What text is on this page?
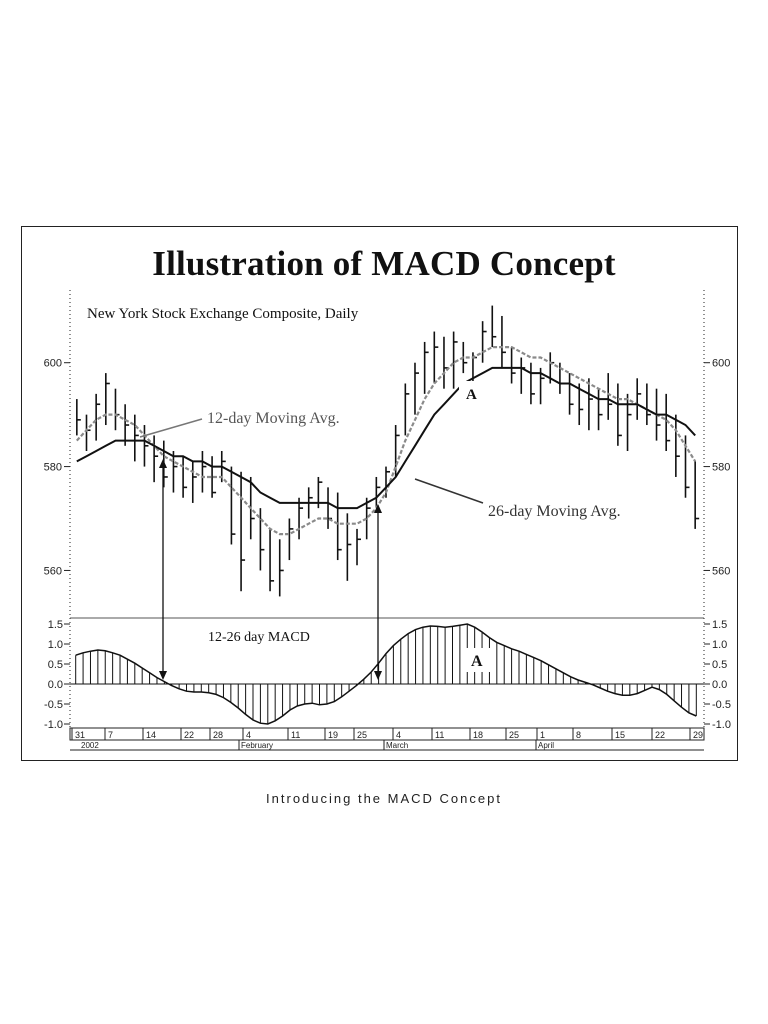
Illustration of MACD Concept
New York Stock Exchange Composite, Daily
600	600
580	580
560	560
12-day Moving Avg.
26-day Moving Avg.
A
1.5	1.5
1.0	1.0
0.5	0.5
0.0	0.0
-0.5	-0.5
-1.0	-1.0
12-26 day MACD
A
31	7	14	22 28	4	11	19 25	4	11	18	25 1	8	15	22	29
2002	February	March	April
Introducing the MACD Concept
